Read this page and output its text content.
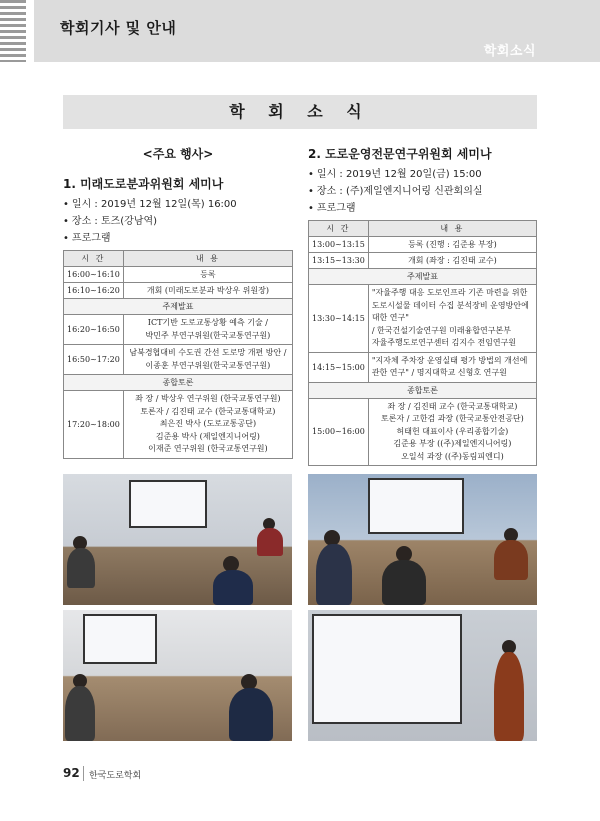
학회기사 및 안내
학회소식
학 회 소 식
<주요 행사>
1. 미래도로분과위원회 세미나
• 일시 : 2019년 12월 12일(목) 16:00
• 장소 : 토즈(강남역)
• 프로그램
시 간	내 용
16:00~16:10	등록
16:10~16:20	개회 (미래도로분과 박상우 위원장)
주제발표	
16:20~16:50	ICT기반 도로교통상황 예측 기술 /
박민주 부연구위원(한국교통연구원)
16:50~17:20	남북경협대비 수도권 간선 도로망 개편 방안 /
이종훈 부연구위원(한국교통연구원)
종합토론	
17:20~18:00	좌 장 / 박상우 연구위원 (한국교통연구원)
토론자 / 김진태 교수 (한국교통대학교)
최은진 박사 (도로교통공단)
김준용 박사 (제일엔지니어링)
이재준 연구위원 (한국교통연구원)
2. 도로운영전문연구위원회 세미나
• 일시 : 2019년 12월 20일(금) 15:00
• 장소 : (주)제일엔지니어링 신관회의실
• 프로그램
시 간	내 용
13:00~13:15	등록 (진행 : 김준용 부장)
13:15~13:30	개회 (좌장 : 김진태 교수)
주제발표	
13:30~14:15	"자율주행 대응 도로인프라 기존 마련을 위한 도로시설물 데이터 수집 분석장비 운영방안에 대한 연구"
/ 한국건설기술연구원 미래융합연구본부
자율주행도로연구센터 김지수 전임연구원
14:15~15:00	"지자체 주차장 운영실태 평가 방법의 개선에 관한 연구" / 명지대학교 신형호 연구원
종합토론	
15:00~16:00	좌 장 / 김진태 교수 (한국교통대학교)
토론자 / 고한검 과장 (한국교통안전공단)
허태헌 대표이사 (우리종합기술)
김준용 부장 ((주)제일엔지니어링)
오일석 과장 ((주)동림피엔디)
92 한국도로학회
